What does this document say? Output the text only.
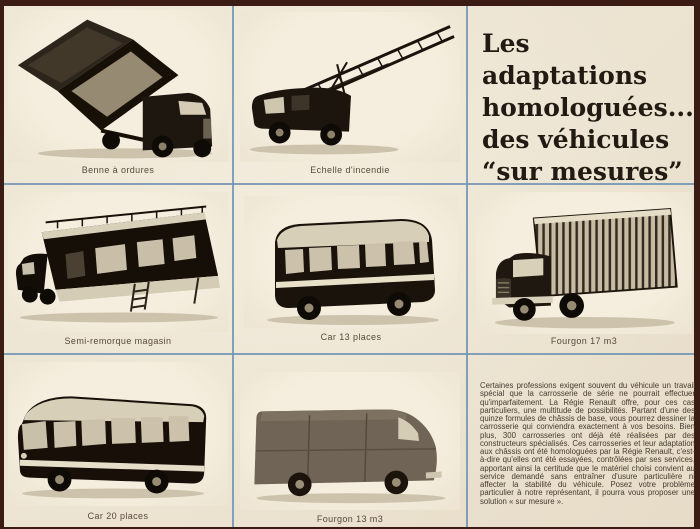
Benne à ordures	Echelle d'incendie
Les
adaptations
homologuées...
des véhicules
“sur mesures”
Semi-remorque magasin	Car 13 places	Fourgon 17 m3
Car 20 places	Fourgon 13 m3
Certaines professions exigent souvent du véhicule un travail spécial que la carrosserie de série ne pourrait effectuer qu'imparfaitement. La Régie Renault offre, pour ces cas particuliers, une multitude de possibilités. Partant d'une des quinze formules de châssis de base, vous pourrez dessiner la carrosserie qui conviendra exactement à vos besoins. Bien plus, 300 carrosseries ont déjà été réalisées par des constructeurs spécialisés. Ces carrosseries et leur adaptation aux châssis ont été homologuées par la Régie Renault, c'est-à-dire qu'elles ont été essayées, contrôlées par ses services, apportant ainsi la certitude que le matériel choisi convient au service demandé sans entraîner d'usure particulière ni affecter la stabilité du véhicule. Posez votre problème particulier à notre représentant, il pourra vous proposer une solution « sur mesure ».
